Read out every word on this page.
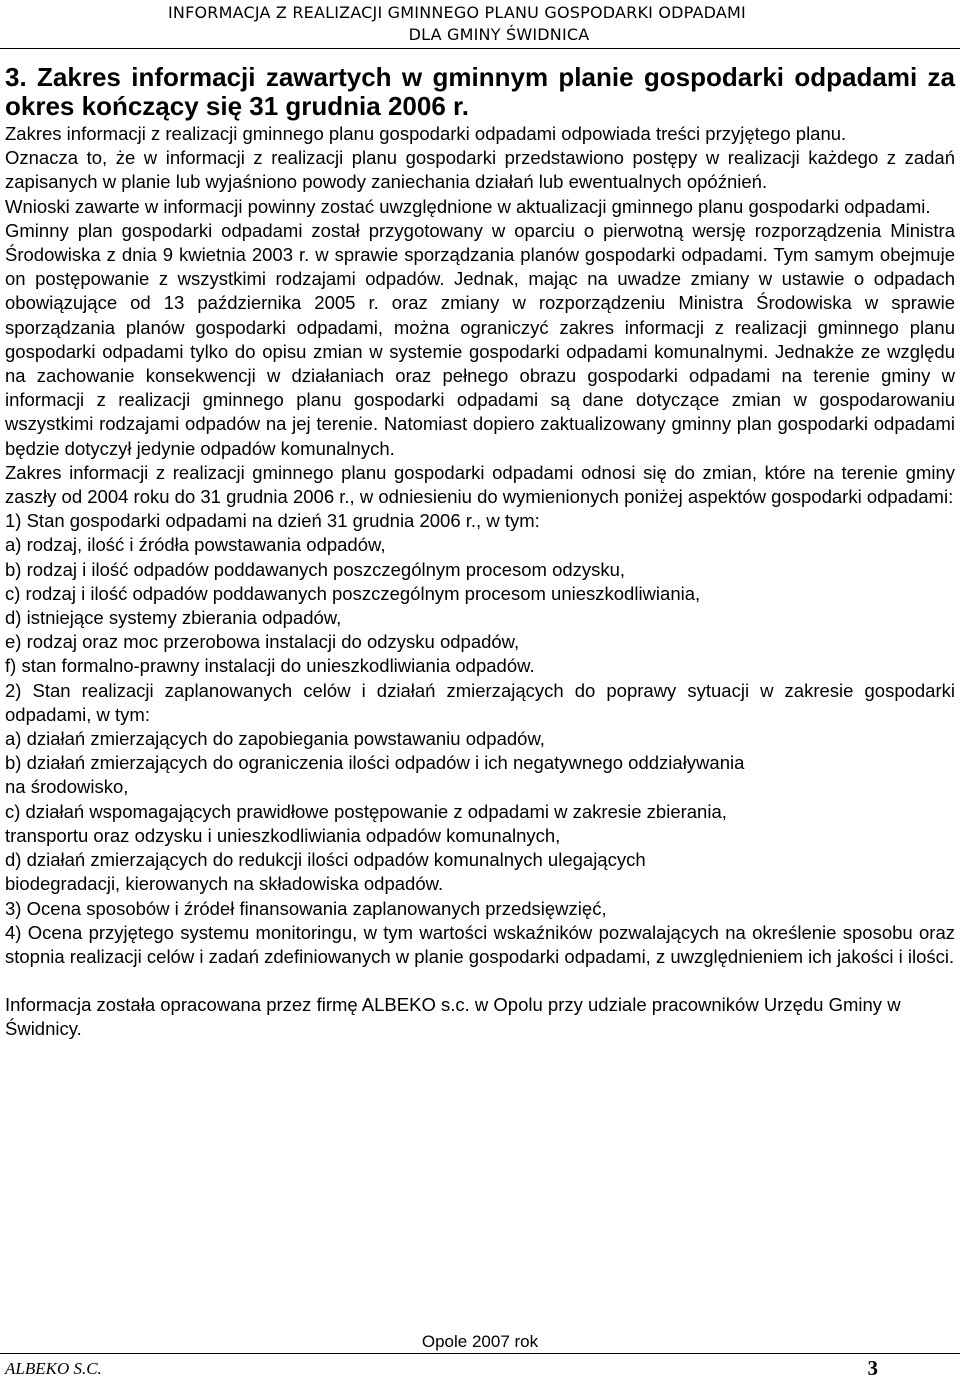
INFORMACJA Z REALIZACJI GMINNEGO PLANU GOSPODARKI ODPADAMI
DLA GMINY ŚWIDNICA
3. Zakres informacji zawartych w gminnym planie gospodarki odpadami za okres kończący się 31 grudnia 2006 r.

Zakres informacji z realizacji gminnego planu gospodarki odpadami odpowiada treści przyjętego planu.

Oznacza to, że w informacji z realizacji planu gospodarki przedstawiono postępy w realizacji każdego z zadań zapisanych w planie lub wyjaśniono powody zaniechania działań lub ewentualnych opóźnień.

Wnioski zawarte w informacji powinny zostać uwzględnione w aktualizacji gminnego planu gospodarki odpadami.

Gminny plan gospodarki odpadami został przygotowany w oparciu o pierwotną wersję rozporządzenia Ministra Środowiska z dnia 9 kwietnia 2003 r. w sprawie sporządzania planów gospodarki odpadami. Tym samym obejmuje on postępowanie z wszystkimi rodzajami odpadów. Jednak, mając na uwadze zmiany w ustawie o odpadach obowiązujące od 13 października 2005 r. oraz zmiany w rozporządzeniu Ministra Środowiska w sprawie sporządzania planów gospodarki odpadami, można ograniczyć zakres informacji z realizacji gminnego planu gospodarki odpadami tylko do opisu zmian w systemie gospodarki odpadami komunalnymi. Jednakże ze względu na zachowanie konsekwencji w działaniach oraz pełnego obrazu gospodarki odpadami na terenie gminy w informacji z realizacji gminnego planu gospodarki odpadami są dane dotyczące zmian w gospodarowaniu wszystkimi rodzajami odpadów na jej terenie. Natomiast dopiero zaktualizowany gminny plan gospodarki odpadami będzie dotyczył jedynie odpadów komunalnych.

Zakres informacji z realizacji gminnego planu gospodarki odpadami odnosi się do zmian, które na terenie gminy zaszły od 2004 roku do 31 grudnia 2006 r., w odniesieniu do wymienionych poniżej aspektów gospodarki odpadami:

1) Stan gospodarki odpadami na dzień 31 grudnia 2006 r., w tym:

a) rodzaj, ilość i źródła powstawania odpadów,
b) rodzaj i ilość odpadów poddawanych poszczególnym procesom odzysku,
c) rodzaj i ilość odpadów poddawanych poszczególnym procesom unieszkodliwiania,
d) istniejące systemy zbierania odpadów,
e) rodzaj oraz moc przerobowa instalacji do odzysku odpadów,
f) stan formalno-prawny instalacji do unieszkodliwiania odpadów.

2) Stan realizacji zaplanowanych celów i działań zmierzających do poprawy sytuacji w zakresie gospodarki odpadami, w tym:

a) działań zmierzających do zapobiegania powstawaniu odpadów,
b) działań zmierzających do ograniczenia ilości odpadów i ich negatywnego oddziaływania
na środowisko,
c) działań wspomagających prawidłowe postępowanie z odpadami w zakresie zbierania,
transportu oraz odzysku i unieszkodliwiania odpadów komunalnych,
d) działań zmierzających do redukcji ilości odpadów komunalnych ulegających
biodegradacji, kierowanych na składowiska odpadów.

3) Ocena sposobów i źródeł finansowania zaplanowanych przedsięwzięć,

4) Ocena przyjętego systemu monitoringu, w tym wartości wskaźników pozwalających na określenie sposobu oraz stopnia realizacji celów i zadań zdefiniowanych w planie gospodarki odpadami, z uwzględnieniem ich jakości i ilości.

Informacja została opracowana przez firmę ALBEKO s.c. w Opolu przy udziale pracowników Urzędu Gminy w Świdnicy.

Opole 2007 rok
ALBEKO S.C.	3
